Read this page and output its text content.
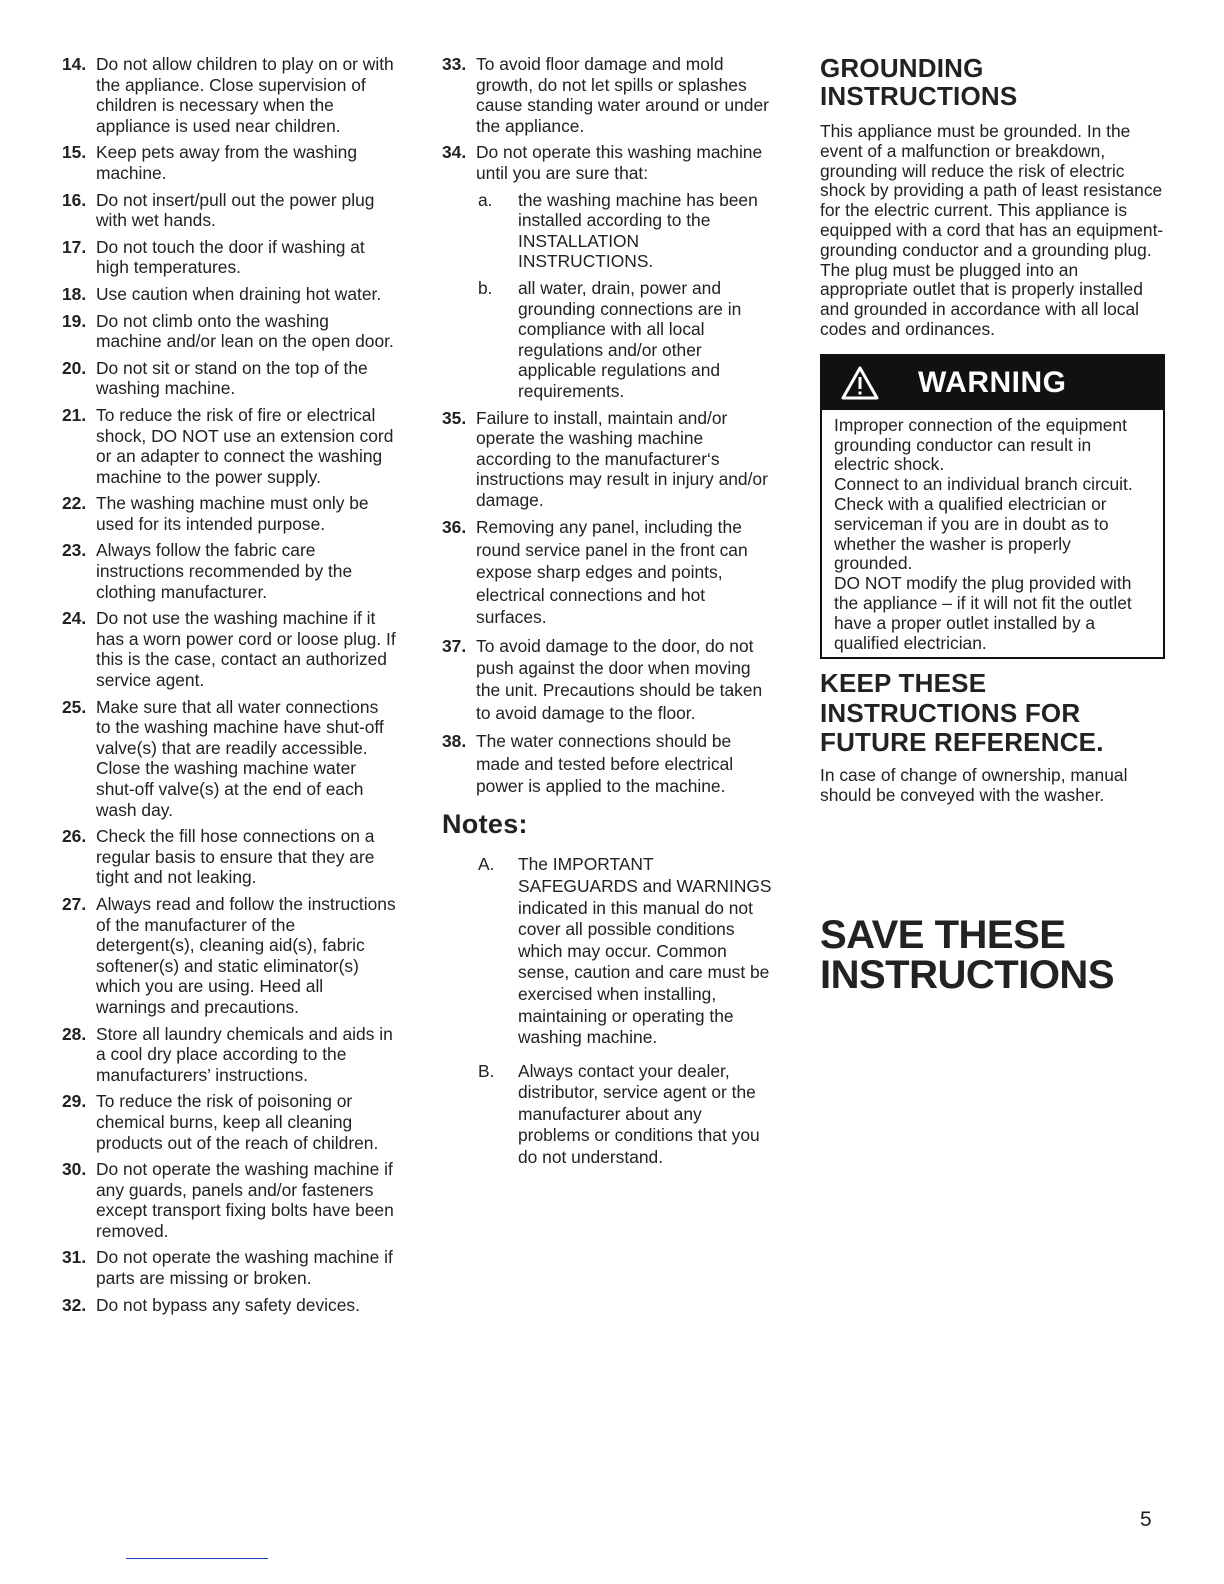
14. Do not allow children to play on or with the appliance. Close supervision of children is necessary when the appliance is used near children.
15. Keep pets away from the washing machine.
16. Do not insert/pull out the power plug with wet hands.
17. Do not touch the door if washing at high temperatures.
18. Use caution when draining hot water.
19. Do not climb onto the washing machine and/or lean on the open door.
20. Do not sit or stand on the top of the washing machine.
21. To reduce the risk of fire or electrical shock, DO NOT use an extension cord or an adapter to connect the washing machine to the power supply.
22. The washing machine must only be used for its intended purpose.
23. Always follow the fabric care instructions recommended by the clothing manufacturer.
24. Do not use the washing machine if it has a worn power cord or loose plug. If this is the case, contact an authorized service agent.
25. Make sure that all water connections to the washing machine have shut-off valve(s) that are readily accessible. Close the washing machine water shut-off valve(s) at the end of each wash day.
26. Check the fill hose connections on a regular basis to ensure that they are tight and not leaking.
27. Always read and follow the instructions of the manufacturer of the detergent(s), cleaning aid(s), fabric softener(s) and static eliminator(s) which you are using. Heed all warnings and precautions.
28. Store all laundry chemicals and aids in a cool dry place according to the manufacturers’ instructions.
29. To reduce the risk of poisoning or chemical burns, keep all cleaning products out of the reach of children.
30. Do not operate the washing machine if any guards, panels and/or fasteners except transport fixing bolts have been removed.
31. Do not operate the washing machine if parts are missing or broken.
32. Do not bypass any safety devices.
33. To avoid floor damage and mold growth, do not let spills or splashes cause standing water around or under the appliance.
34. Do not operate this washing machine until you are sure that:
a.	the washing machine has been installed according to the INSTALLATION INSTRUCTIONS.
b.	all water, drain, power and grounding connections are in compliance with all local regulations and/or other applicable regulations and requirements.
35. Failure to install, maintain and/or operate the washing machine according to the manufacturer‘s instructions may result in injury and/or damage.
36. Removing any panel, including the round service panel in the front can expose sharp edges and points, electrical connections and hot surfaces.
37. To avoid damage to the door, do not push against the door when moving the unit. Precautions should be taken to avoid damage to the floor.
38. The water connections should be made and tested before electrical power is applied to the machine.
Notes:
A.	The IMPORTANT SAFEGUARDS and WARNINGS indicated in this manual do not cover all possible conditions which may occur. Common sense, caution and care must be exercised when installing, maintaining or operating the washing machine.
B.	Always contact your dealer, distributor, service agent or the manufacturer about any problems or conditions that you do not understand.
GROUNDING INSTRUCTIONS
This appliance must be grounded. In the event of a malfunction or breakdown, grounding will reduce the risk of electric shock by providing a path of least resistance for the electric current. This appliance is equipped with a cord that has an equipment-grounding conductor and a grounding plug. The plug must be plugged into an appropriate outlet that is properly installed and grounded in accordance with all local codes and ordinances.
WARNING
Improper connection of the equipment grounding conductor can result in electric shock.
Connect to an individual branch circuit.
Check with a qualified electrician or serviceman if you are in doubt as to whether the washer is properly grounded.
DO NOT modify the plug provided with the appliance – if it will not fit the outlet have a proper outlet installed by a qualified electrician.
KEEP THESE INSTRUCTIONS FOR FUTURE REFERENCE.
In case of change of ownership, manual should be conveyed with the washer.
SAVE THESE INSTRUCTIONS
5
